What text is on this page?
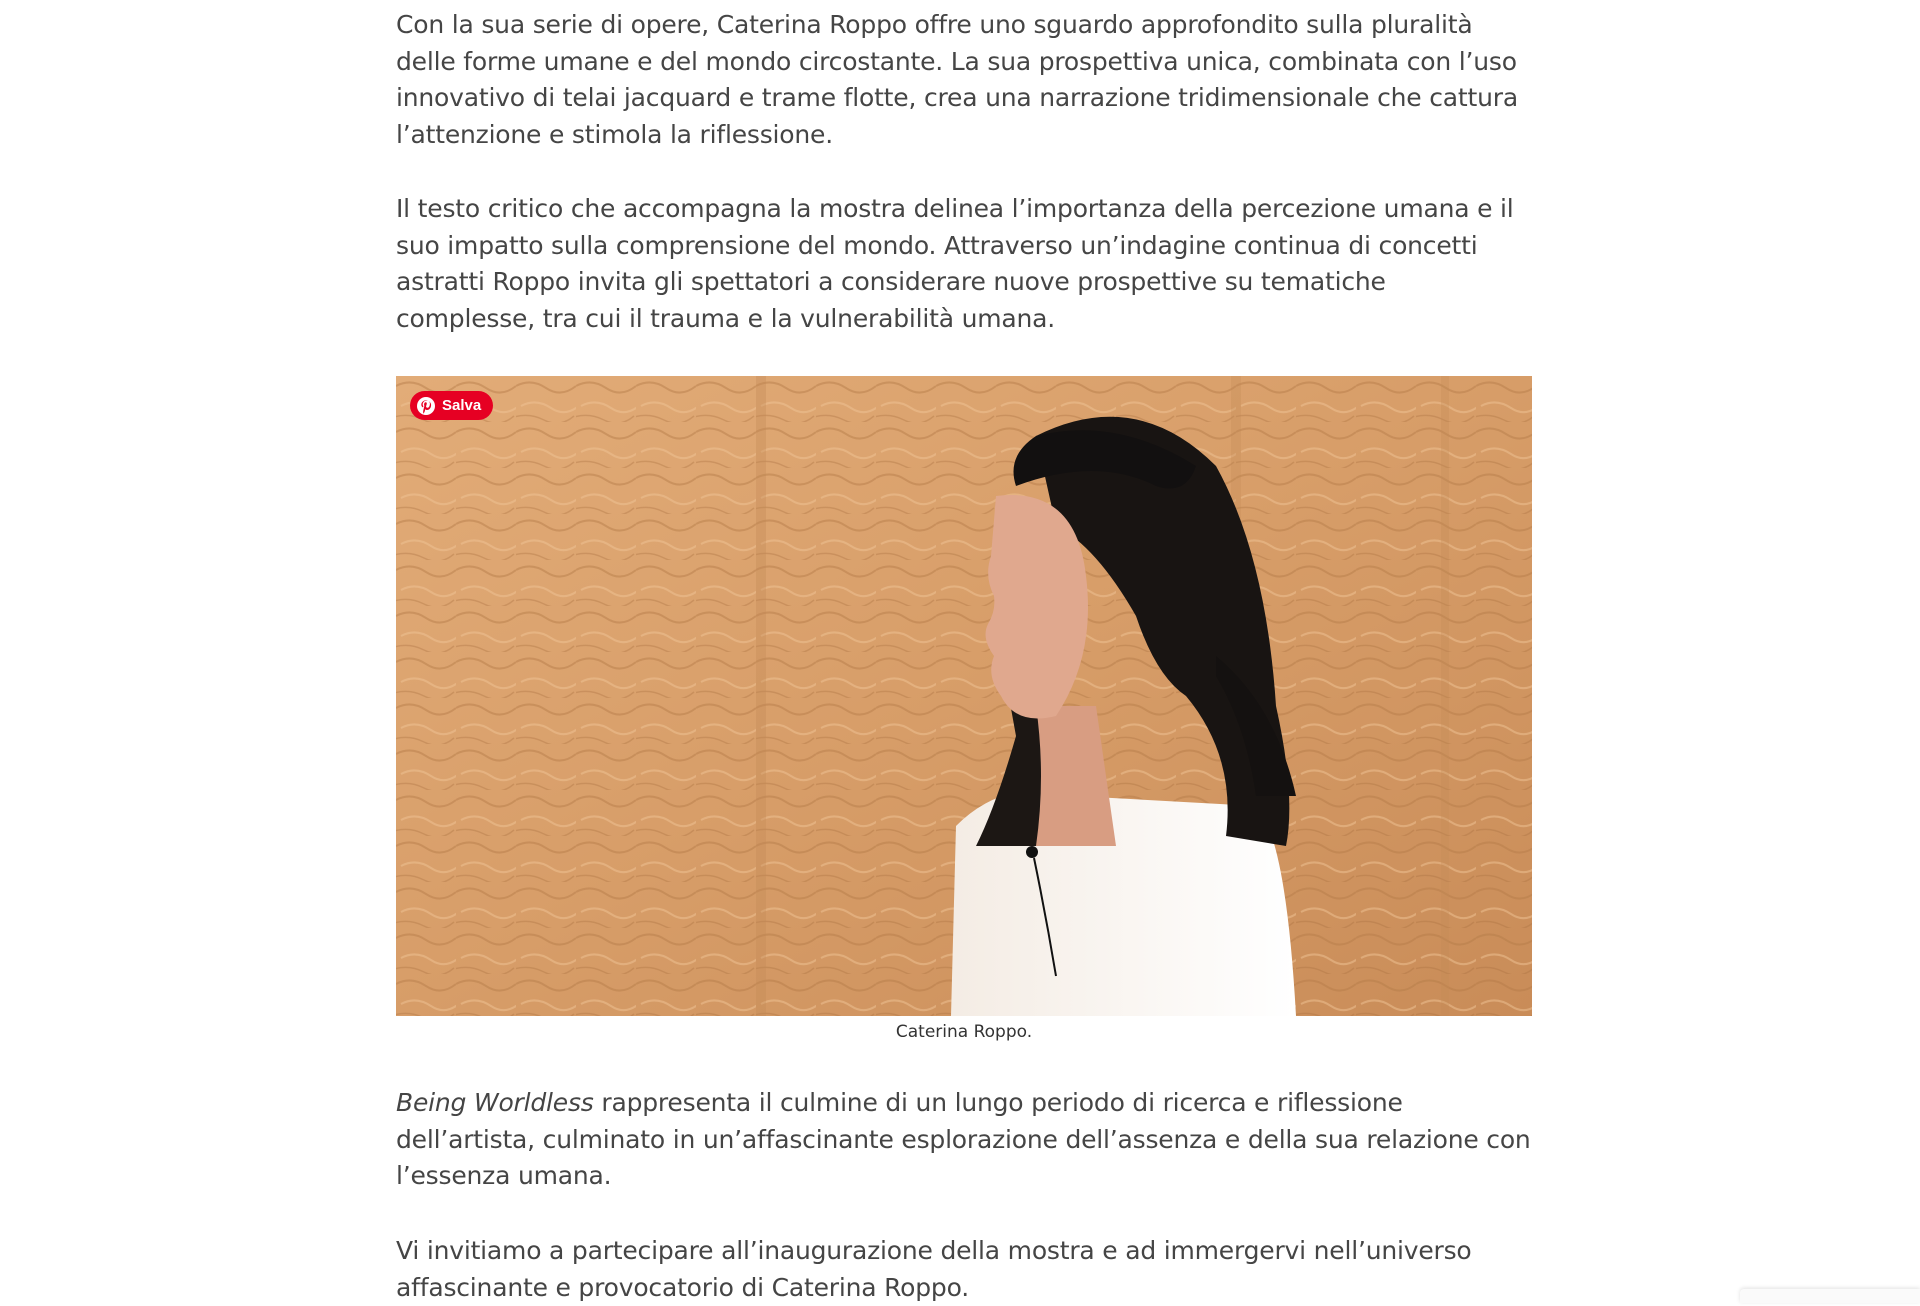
Con la sua serie di opere, Caterina Roppo offre uno sguardo approfondito sulla pluralità delle forme umane e del mondo circostante. La sua prospettiva unica, combinata con l’uso innovativo di telai jacquard e trame flotte, crea una narrazione tridimensionale che cattura l’attenzione e stimola la riflessione.

Il testo critico che accompagna la mostra delinea l’importanza della percezione umana e il suo impatto sulla comprensione del mondo. Attraverso un’indagine continua di concetti astratti Roppo invita gli spettatori a considerare nuove prospettive su tematiche complesse, tra cui il trauma e la vulnerabilità umana.

Salva

Caterina Roppo.

Being Worldless rappresenta il culmine di un lungo periodo di ricerca e riflessione dell’artista, culminato in un’affascinante esplorazione dell’assenza e della sua relazione con l’essenza umana.

Vi invitiamo a partecipare all’inaugurazione della mostra e ad immergervi nell’universo affascinante e provocatorio di Caterina Roppo.
